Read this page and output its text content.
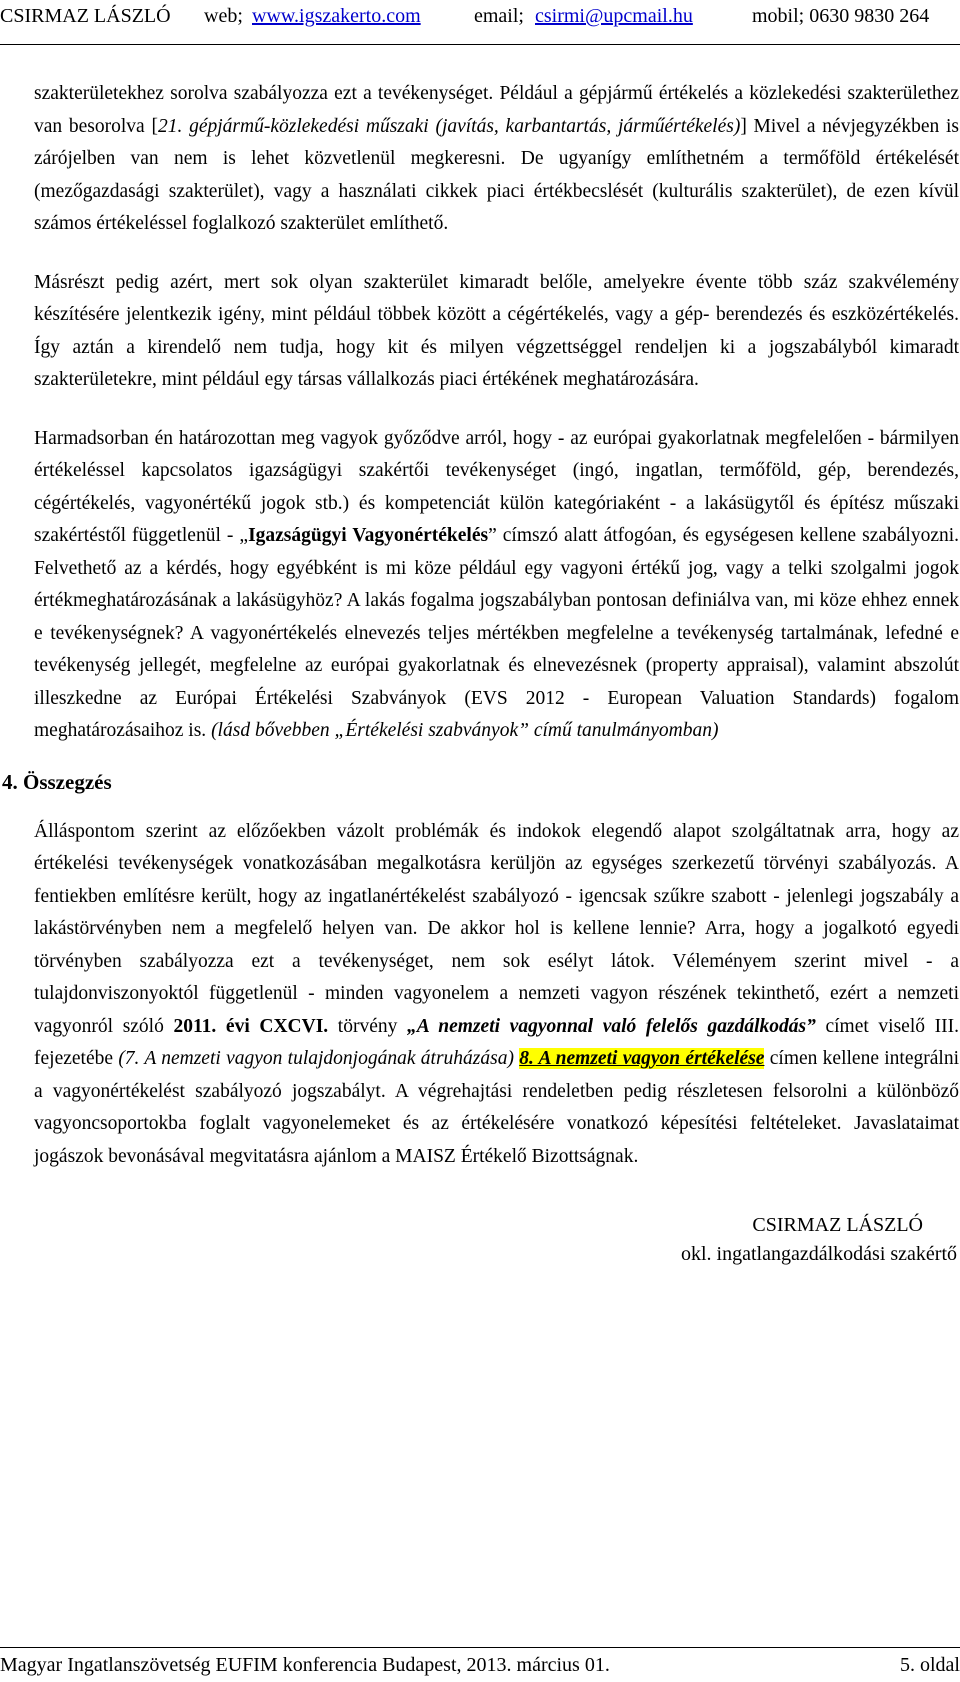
CSIRMAZ LÁSZLÓ web; www.igszakerto.com	email; csirmi@upcmail.hu	mobil; 0630 9830 264

szakterületekhez sorolva szabályozza ezt a tevékenységet. Például a gépjármű értékelés a közlekedési szakterülethez van besorolva [21. gépjármű-közlekedési műszaki (javítás, karbantartás, járműértékelés)] Mivel a névjegyzékben is zárójelben van nem is lehet közvetlenül megkeresni. De ugyanígy említhetném a termőföld értékelését (mezőgazdasági szakterület), vagy a használati cikkek piaci értékbecslését (kulturális szakterület), de ezen kívül számos értékeléssel foglalkozó szakterület említhető.

Másrészt pedig azért, mert sok olyan szakterület kimaradt belőle, amelyekre évente több száz szakvélemény készítésére jelentkezik igény, mint például többek között a cégértékelés, vagy a gép- berendezés és eszközértékelés. Így aztán a kirendelő nem tudja, hogy kit és milyen végzettséggel rendeljen ki a jogszabályból kimaradt szakterületekre, mint például egy társas vállalkozás piaci értékének meghatározására.

Harmadsorban én határozottan meg vagyok győződve arról, hogy - az európai gyakorlatnak megfelelően - bármilyen értékeléssel kapcsolatos igazságügyi szakértői tevékenységet (ingó, ingatlan, termőföld, gép, berendezés, cégértékelés, vagyonértékű jogok stb.) és kompetenciát külön kategóriaként - a lakásügytől és építész műszaki szakértéstől függetlenül - „Igazságügyi Vagyonértékelés” címszó alatt átfogóan, és egységesen kellene szabályozni. Felvethető az a kérdés, hogy egyébként is mi köze például egy vagyoni értékű jog, vagy a telki szolgalmi jogok értékmeghatározásának a lakásügyhöz? A lakás fogalma jogszabályban pontosan definiálva van, mi köze ehhez ennek e tevékenységnek? A vagyonértékelés elnevezés teljes mértékben megfelelne a tevékenység tartalmának, lefedné e tevékenység jellegét, megfelelne az európai gyakorlatnak és elnevezésnek (property appraisal), valamint abszolút illeszkedne az Európai Értékelési Szabványok (EVS 2012 - European Valuation Standards) fogalom meghatározásaihoz is. (lásd bővebben „Értékelési szabványok” című tanulmányomban)

4. Összegzés

Álláspontom szerint az előzőekben vázolt problémák és indokok elegendő alapot szolgáltatnak arra, hogy az értékelési tevékenységek vonatkozásában megalkotásra kerüljön az egységes szerkezetű törvényi szabályozás. A fentiekben említésre került, hogy az ingatlanértékelést szabályozó - igencsak szűkre szabott - jelenlegi jogszabály a lakástörvényben nem a megfelelő helyen van. De akkor hol is kellene lennie? Arra, hogy a jogalkotó egyedi törvényben szabályozza ezt a tevékenységet, nem sok esélyt látok. Véleményem szerint mivel - a tulajdonviszonyoktól függetlenül - minden vagyonelem a nemzeti vagyon részének tekinthető, ezért a nemzeti vagyonról szóló 2011. évi CXCVI. törvény „A nemzeti vagyonnal való felelős gazdálkodás” címet viselő III. fejezetébe (7. A nemzeti vagyon tulajdonjogának átruházása) 8. A nemzeti vagyon értékelése címen kellene integrálni a vagyonértékelést szabályozó jogszabályt. A végrehajtási rendeletben pedig részletesen felsorolni a különböző vagyoncsoportokba foglalt vagyonelemeket és az értékelésére vonatkozó képesítési feltételeket. Javaslataimat jogászok bevonásával megvitatásra ajánlom a MAISZ Értékelő Bizottságnak.

CSIRMAZ LÁSZLÓ
okl. ingatlangazdálkodási szakértő
Magyar Ingatlanszövetség EUFIM konferencia Budapest, 2013. március 01.	5. oldal
